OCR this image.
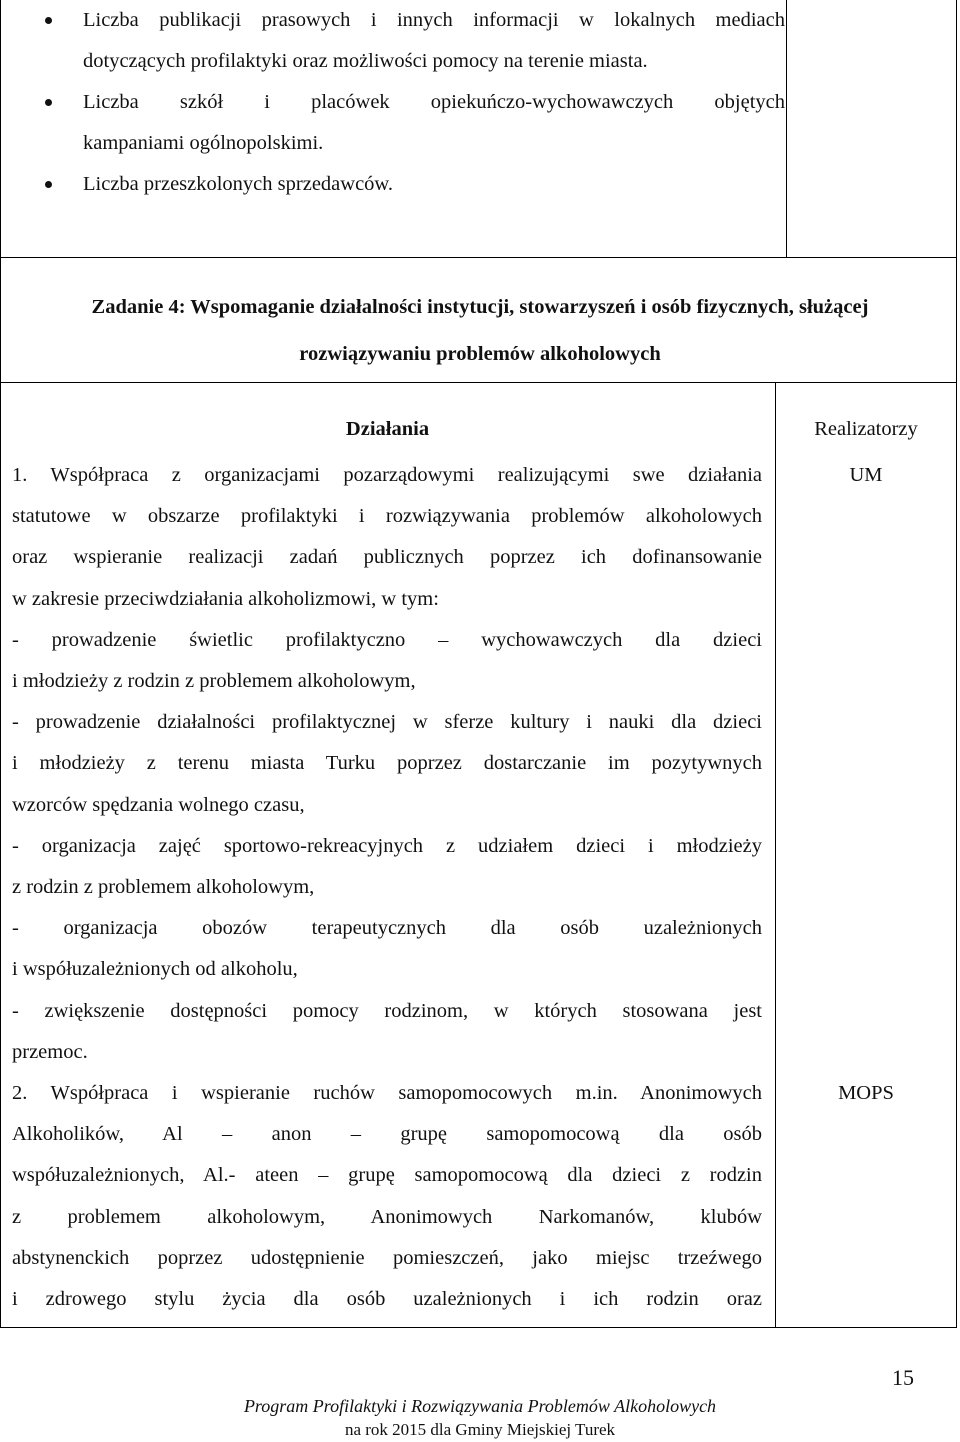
Liczba publikacji prasowych i innych informacji w lokalnych mediach
dotyczących profilaktyki oraz możliwości pomocy na terenie miasta.
Liczba szkół i placówek opiekuńczo-wychowawczych objętych
kampaniami ogólnopolskimi.
Liczba przeszkolonych sprzedawców.
Zadanie 4: Wspomaganie działalności instytucji, stowarzyszeń i osób fizycznych, służącej
rozwiązywaniu problemów alkoholowych
Działania	Realizatorzy
1. Współpraca z organizacjami pozarządowymi realizującymi swe działania
statutowe w obszarze profilaktyki i rozwiązywania problemów alkoholowych
oraz wspieranie realizacji zadań publicznych poprzez ich dofinansowanie
w zakresie przeciwdziałania alkoholizmowi, w tym:
- prowadzenie świetlic profilaktyczno – wychowawczych dla dzieci
i młodzieży z rodzin z problemem alkoholowym,
- prowadzenie działalności profilaktycznej w sferze kultury i nauki dla dzieci
i młodzieży z terenu miasta Turku poprzez dostarczanie im pozytywnych
wzorców spędzania wolnego czasu,
- organizacja zajęć sportowo-rekreacyjnych z udziałem dzieci i młodzieży
z rodzin z problemem alkoholowym,
- organizacja obozów terapeutycznych dla osób uzależnionych
i współuzależnionych od alkoholu,
- zwiększenie dostępności pomocy rodzinom, w których stosowana jest
przemoc.
UM
2. Współpraca i wspieranie ruchów samopomocowych m.in. Anonimowych
Alkoholików, Al – anon – grupę samopomocową dla osób
współuzależnionych, Al.- ateen – grupę samopomocową dla dzieci z rodzin
z problemem alkoholowym, Anonimowych Narkomanów, klubów
abstynenckich poprzez udostępnienie pomieszczeń, jako miejsc trzeźwego
i zdrowego stylu życia dla osób uzależnionych i ich rodzin oraz
MOPS
15
Program Profilaktyki i Rozwiązywania Problemów Alkoholowych
na rok 2015 dla Gminy Miejskiej Turek
